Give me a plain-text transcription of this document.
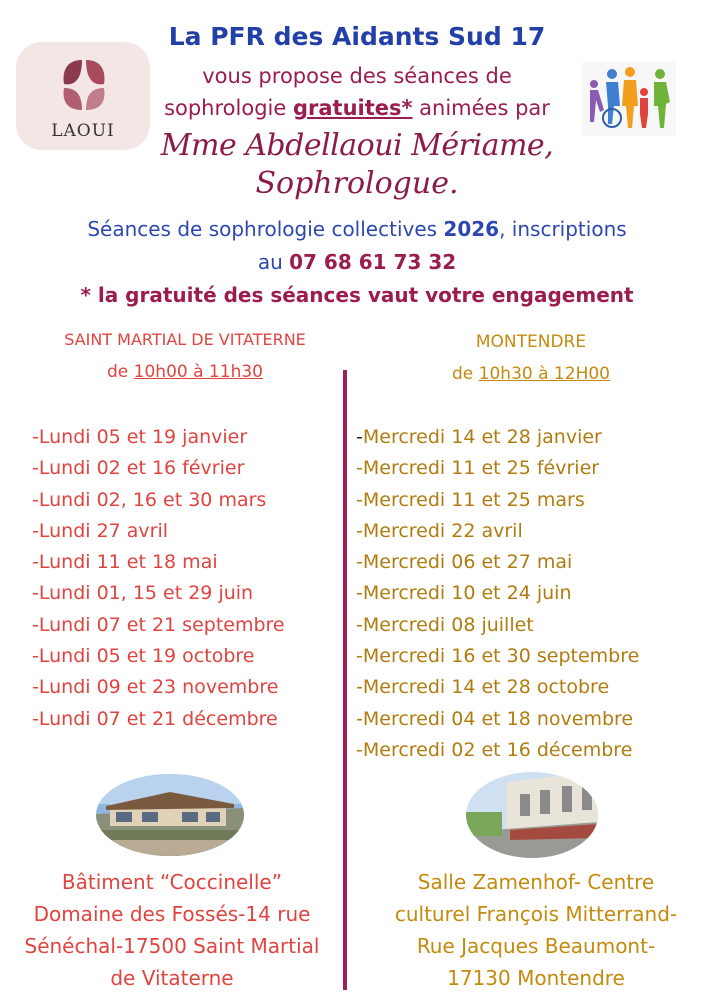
La PFR des Aidants Sud 17
vous propose des séances de
sophrologie gratuites* animées par
Mme Abdellaoui Mériame,
Sophrologue.
LAOUI
Séances de sophrologie collectives 2026, inscriptions
au 07 68 61 73 32
* la gratuité des séances vaut votre engagement
SAINT MARTIAL DE VITATERNE
de 10h00 à 11h30
MONTENDRE
de 10h30 à 12H00
-Lundi 05 et 19 janvier
-Lundi 02 et 16 février
-Lundi 02, 16 et 30 mars
-Lundi 27 avril
-Lundi 11 et 18 mai
-Lundi 01, 15 et 29 juin
-Lundi 07 et 21 septembre
-Lundi 05 et 19 octobre
-Lundi 09 et 23 novembre
-Lundi 07 et 21 décembre
-Mercredi 14 et 28 janvier
-Mercredi 11 et 25 février
-Mercredi 11 et 25 mars
-Mercredi 22 avril
-Mercredi 06 et 27 mai
-Mercredi 10 et 24 juin
-Mercredi 08 juillet
-Mercredi 16 et 30 septembre
-Mercredi 14 et 28 octobre
-Mercredi 04 et 18 novembre
-Mercredi 02 et 16 décembre
Bâtiment “Coccinelle”
Domaine des Fossés-14 rue
Sénéchal-17500 Saint Martial
de Vitaterne
Salle Zamenhof- Centre
culturel François Mitterrand-
Rue Jacques Beaumont-
17130 Montendre
